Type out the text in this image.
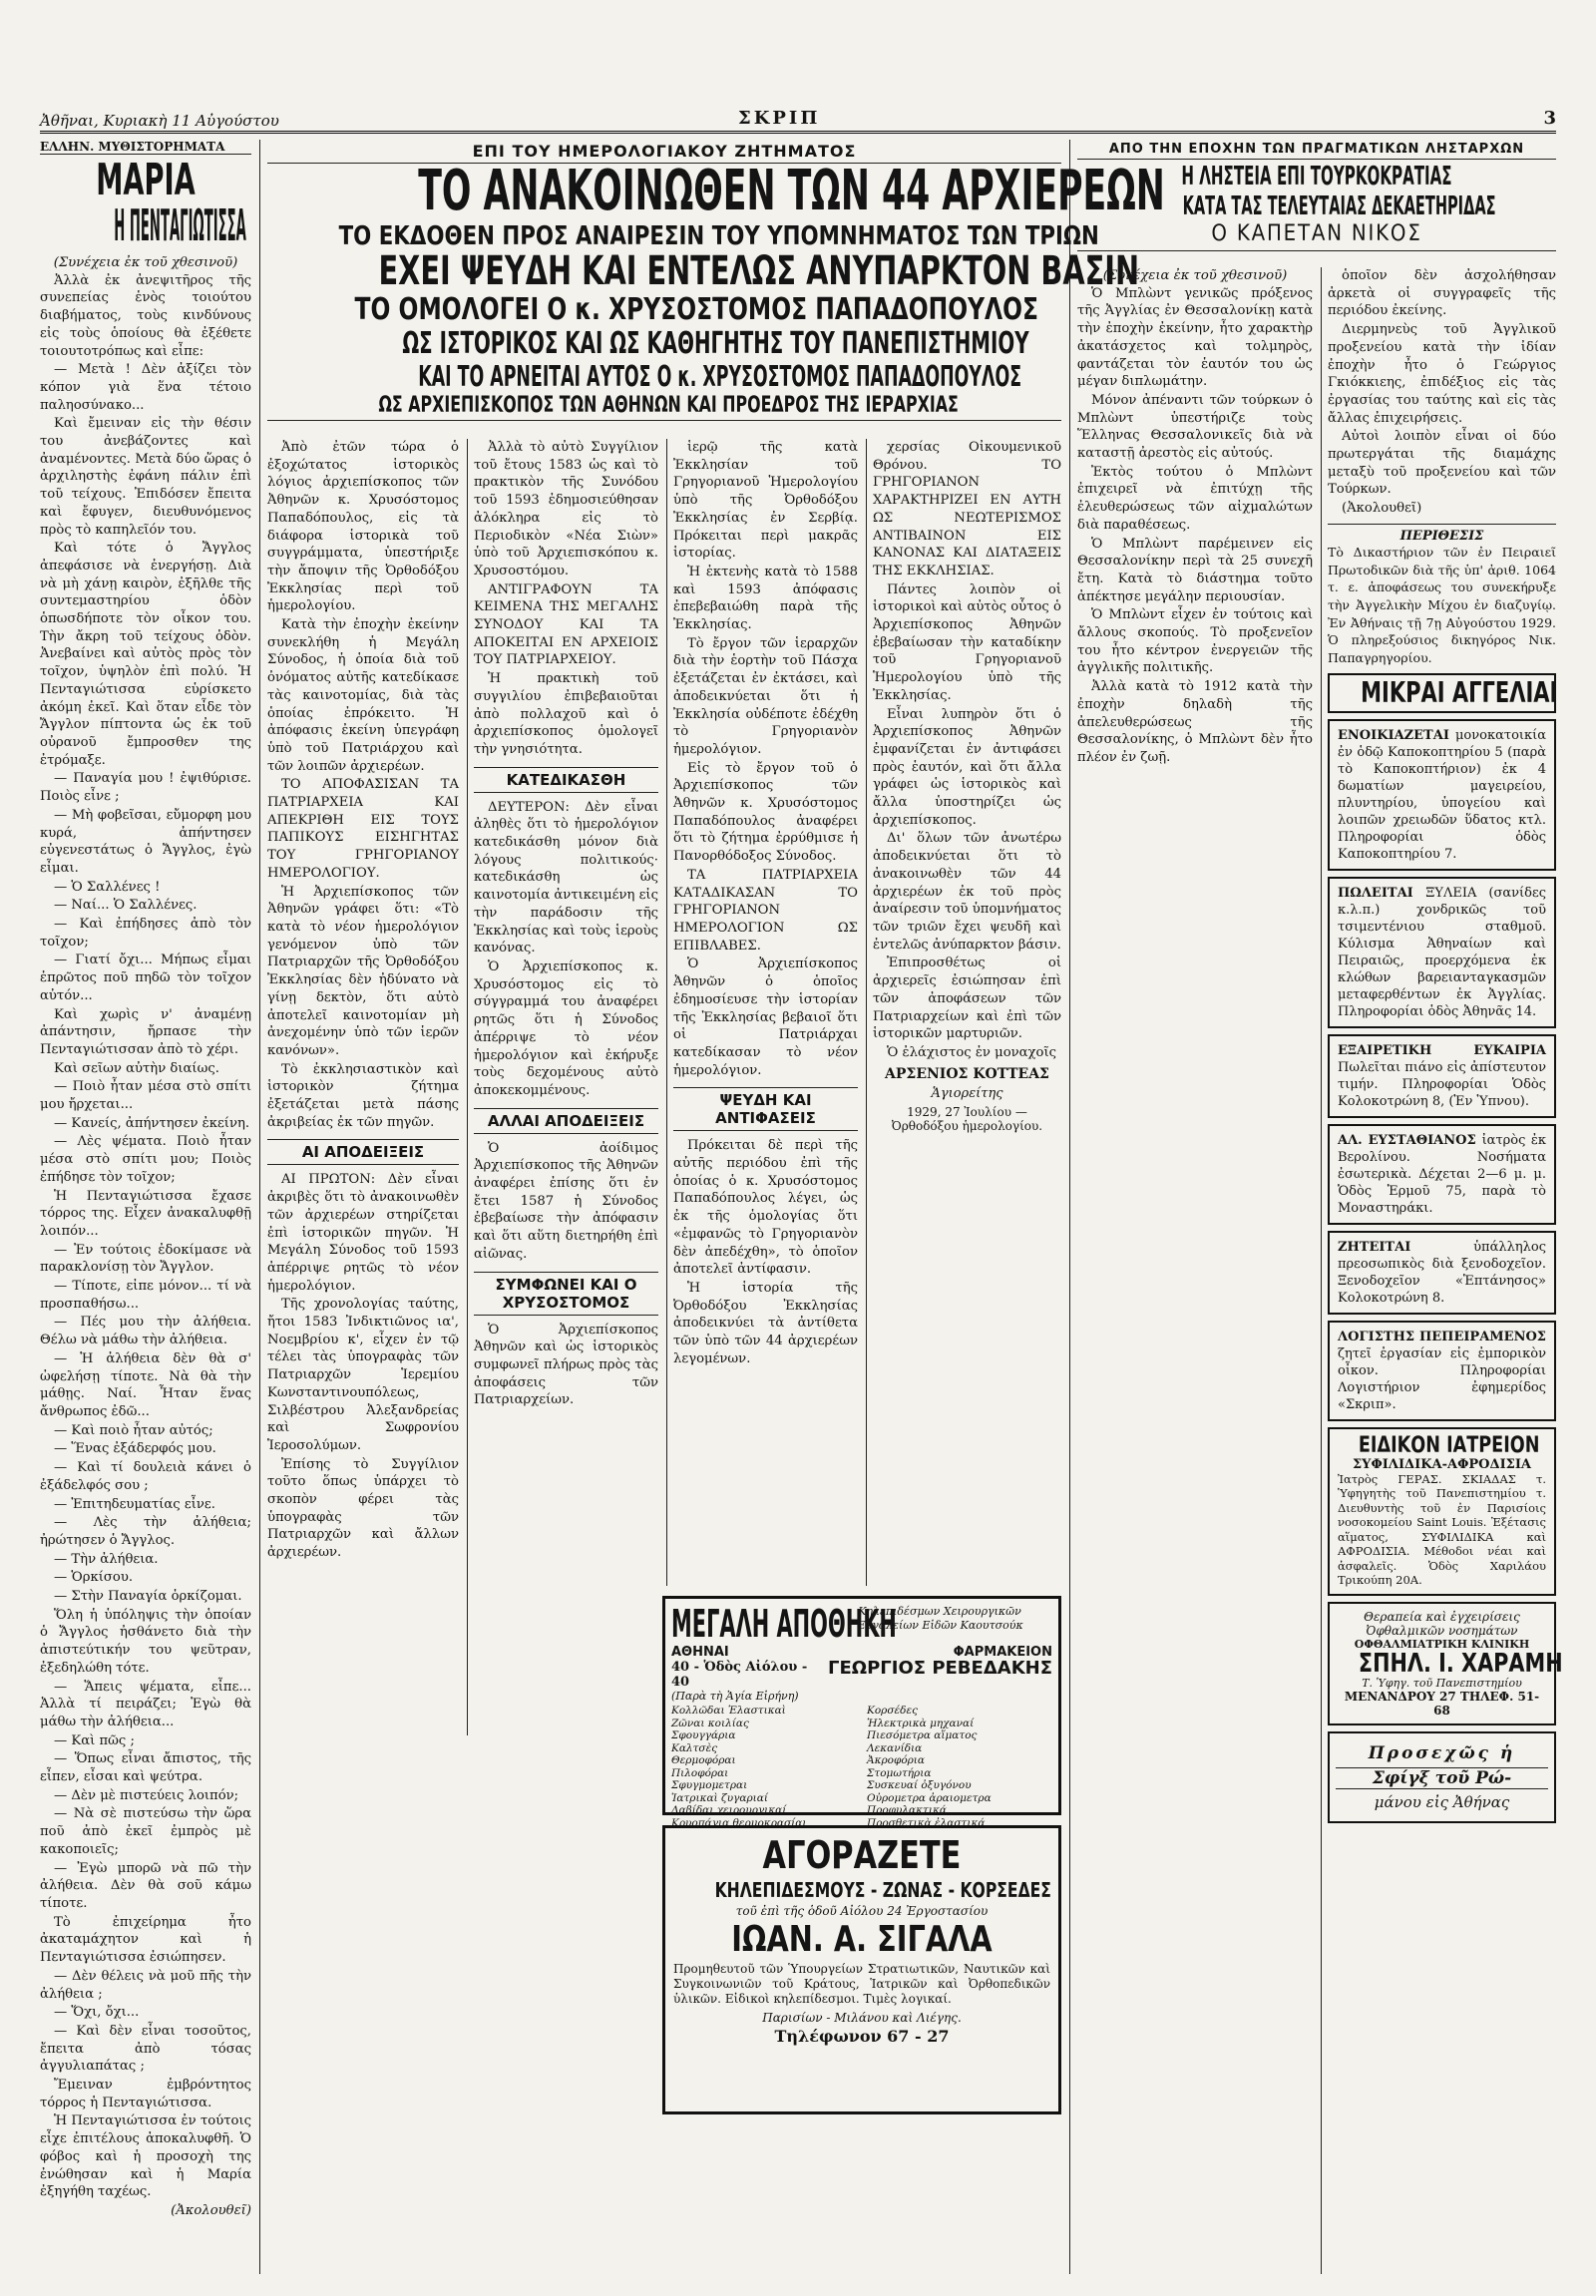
Ἀθῆναι, Κυριακὴ 11 Αὐγούστου	ΣΚΡΙΠ	3
ΕΛΛΗΝ. ΜΥΘΙΣΤΟΡΗΜΑΤΑ
ΜΑΡΙΑ
Η ΠΕΝΤΑΓΙΩΤΙΣΣΑ
(Συνέχεια ἐκ τοῦ χθεσινοῦ)

Ἀλλὰ ἐκ ἀνεψιτῆρος τῆς συνεπείας ἑνὸς τοιούτου διαβήματος, τοὺς κινδύνους εἰς τοὺς ὁποίους θὰ ἐξέθετε τοιουτοτρόπως καὶ εἶπε:

— Μετὰ ! Δὲν ἀξίζει τὸν κόπον γιὰ ἕνα τέτοιο παληοσύνακο...

Καὶ ἔμειναν εἰς τὴν θέσιν του ἀνεβάζοντες καὶ ἀναμένοντες. Μετὰ δύο ὥρας ὁ ἀρχιληστὴς ἐφάνη πάλιν ἐπὶ τοῦ τείχους. Ἐπιδόσεν ἔπειτα καὶ ἔφυγεν, διευθυνόμενος πρὸς τὸ καπηλεῖόν του.

Καὶ τότε ὁ Ἄγγλος ἀπεφάσισε νὰ ἐνεργήσῃ. Διὰ νὰ μὴ χάνῃ καιρὸν, ἐξῆλθε τῆς συντεμαστηρίου ὁδὸν ὁπωσδήποτε τὸν οἶκον του. Τὴν ἄκρη τοῦ τείχους ὁδὸν. Ἀνεβαίνει καὶ αὐτὸς πρὸς τὸν τοῖχον, ὑψηλὸν ἐπὶ πολύ. Ἡ Πενταγιώτισσα εὑρίσκετο ἀκόμη ἐκεῖ. Καὶ ὅταν εἶδε τὸν Ἄγγλον πίπτοντα ὡς ἐκ τοῦ οὐρανοῦ ἔμπροσθεν της ἐτρόμαξε.

— Παναγία μου ! ἐψιθύρισε. Ποιὸς εἶνε ;

— Μὴ φοβεῖσαι, εὔμορφη μου κυρά, ἀπήντησεν εὐγενεστάτως ὁ Ἄγγλος, ἐγὼ εἶμαι.

— Ὁ Σαλλένες !

— Ναί... Ὁ Σαλλένες.

— Καὶ ἐπήδησες ἀπὸ τὸν τοῖχον;

— Γιατί ὄχι... Μήπως εἶμαι ἐπρῶτος ποῦ πηδῶ τὸν τοῖχον αὐτόν...

Καὶ χωρὶς ν' ἀναμένῃ ἀπάντησιν, ἤρπασε τὴν Πενταγιώτισσαν ἀπὸ τὸ χέρι.

Καὶ σεῖων αὐτὴν διαίως.

— Ποιὸ ἦταν μέσα στὸ σπίτι μου ἤρχεται...

— Κανείς, ἀπήντησεν ἐκείνη.

— Λὲς ψέματα. Ποιὸ ἦταν μέσα στὸ σπίτι μου; Ποιὸς ἐπήδησε τὸν τοῖχον;

Ἡ Πενταγιώτισσα ἔχασε τόρρος της. Εἶχεν ἀνακαλυφθῇ λοιπόν...

— Ἐν τούτοις ἐδοκίμασε νὰ παρακλονίσῃ τὸν Ἄγγλον.

— Τίποτε, εἰπε μόνον... τί νὰ προσπαθήσω...

— Πές μου τὴν ἀλήθεια. Θέλω νὰ μάθω τὴν ἀλήθεια.

— Ἡ ἀλήθεια δὲν θὰ σ' ὠφελήσῃ τίποτε. Νὰ θὰ τὴν μάθῃς. Ναί. Ἦταν ἕνας ἄνθρωπος ἐδῶ...

— Καὶ ποιὸ ἦταν αὐτός;

— Ἕνας ἐξάδερφός μου.

— Καὶ τί δουλειὰ κάνει ὁ ἐξάδελφός σου ;

— Ἐπιτηδευματίας εἶνε.

— Λὲς τὴν ἀλήθεια; ἠρώτησεν ὁ Ἄγγλος.

— Τὴν ἀλήθεια.

— Ὁρκίσου.

— Στὴν Παναγία ὁρκίζομαι.

Ὅλη ἡ ὑπόληψις τὴν ὁποίαν ὁ Ἄγγλος ἠσθάνετο διὰ τὴν ἀπιστεύτικήν του ψεῦτραν, ἐξεδηλώθη τότε.

— Ἅπεις ψέματα, εἶπε... Ἀλλὰ τί πειράζει; Ἐγὼ θὰ μάθω τὴν ἀλήθεια...

— Καὶ πῶς ;

— Ὅπως εἶναι ἄπιστος, τῆς εἶπεν, εἶσαι καὶ ψεύτρα.

— Δὲν μὲ πιστεύεις λοιπόν;

— Νὰ σὲ πιστεύσω τὴν ὥρα ποῦ ἀπὸ ἐκεῖ ἐμπρὸς μὲ κακοποιεῖς;

— Ἐγὼ μπορῶ νὰ πῶ τὴν ἀλήθεια. Δὲν θὰ σοῦ κάμω τίποτε.

Τὸ ἐπιχείρημα ἦτο ἀκαταμάχητον καὶ ἡ Πενταγιώτισσα ἐσιώπησεν.

— Δὲν θέλεις νὰ μοῦ πῆς τὴν ἀλήθεια ;

— Ὅχι, ὄχι...

— Καὶ δὲν εἶναι τοσοῦτος, ἔπειτα ἀπὸ τόσας ἀγγυλιαπάτας ;

Ἔμειναν ἐμβρόντητος τόρρος ἡ Πενταγιώτισσα.

Ἡ Πενταγιώτισσα ἐν τούτοις εἶχε ἐπιτέλους ἀποκαλυφθῆ. Ὁ φόβος καὶ ἡ προσοχὴ της ἐνώθησαν καὶ ἡ Μαρία ἐξηγήθη ταχέως.

(Ἀκολουθεῖ)
ΕΠΙ ΤΟΥ ΗΜΕΡΟΛΟΓΙΑΚΟΥ ΖΗΤΗΜΑΤΟΣ
ΤΟ ΑΝΑΚΟΙΝΩΘΕΝ ΤΩΝ 44 ΑΡΧΙΕΡΕΩΝ
ΤΟ ΕΚΔΟΘΕΝ ΠΡΟΣ ΑΝΑΙΡΕΣΙΝ ΤΟΥ ΥΠΟΜΝΗΜΑΤΟΣ ΤΩΝ ΤΡΙΩΝ
ΕΧΕΙ ΨΕΥΔΗ ΚΑΙ ΕΝΤΕΛΩΣ ΑΝΥΠΑΡΚΤΟΝ ΒΑΣΙΝ
ΤΟ ΟΜΟΛΟΓΕΙ Ο κ. ΧΡΥΣΟΣΤΟΜΟΣ ΠΑΠΑΔΟΠΟΥΛΟΣ
ΩΣ ΙΣΤΟΡΙΚΟΣ ΚΑΙ ΩΣ ΚΑΘΗΓΗΤΗΣ ΤΟΥ ΠΑΝΕΠΙΣΤΗΜΙΟΥ
ΚΑΙ ΤΟ ΑΡΝΕΙΤΑΙ ΑΥΤΟΣ Ο κ. ΧΡΥΣΟΣΤΟΜΟΣ ΠΑΠΑΔΟΠΟΥΛΟΣ
ΩΣ ΑΡΧΙΕΠΙΣΚΟΠΟΣ ΤΩΝ ΑΘΗΝΩΝ ΚΑΙ ΠΡΟΕΔΡΟΣ ΤΗΣ ΙΕΡΑΡΧΙΑΣ

Ἀπὸ ἐτῶν τώρα ὁ ἐξοχώτατος ἱστορικὸς λόγιος ἀρχιεπίσκοπος τῶν Ἀθηνῶν κ. Χρυσόστομος Παπαδόπουλος, εἰς τὰ διάφορα ἱστορικὰ τοῦ συγγράμματα, ὑπεστήριξε τὴν ἄποψιν τῆς Ὀρθοδόξου Ἐκκλησίας περὶ τοῦ ἡμερολογίου.

Κατὰ τὴν ἐποχὴν ἐκείνην συνεκλήθη ἡ Μεγάλη Σύνοδος, ἡ ὁποία διὰ τοῦ ὀνόματος αὐτῆς κατεδίκασε τὰς καινοτομίας, διὰ τὰς ὁποίας ἐπρόκειτο. Ἡ ἀπόφασις ἐκείνη ὑπεγράφη ὑπὸ τοῦ Πατριάρχου καὶ τῶν λοιπῶν ἀρχιερέων.

ΤΟ ΑΠΟΦΑΣΙΣΑΝ ΤΑ ΠΑΤΡΙΑΡΧΕΙΑ ΚΑΙ ΑΠΕΚΡΙΘΗ ΕΙΣ ΤΟΥΣ ΠΑΠΙΚΟΥΣ ΕΙΣΗΓΗΤΑΣ ΤΟΥ ΓΡΗΓΟΡΙΑΝΟΥ ΗΜΕΡΟΛΟΓΙΟΥ.

Ἡ Ἀρχιεπίσκοπος τῶν Ἀθηνῶν γράφει ὅτι: «Τὸ κατὰ τὸ νέον ἡμερολόγιον γενόμενον ὑπὸ τῶν Πατριαρχῶν τῆς Ὀρθοδόξου Ἐκκλησίας δὲν ἠδύνατο νὰ γίνῃ δεκτὸν, ὅτι αὐτὸ ἀποτελεῖ καινοτομίαν μὴ ἀνεχομένην ὑπὸ τῶν ἱερῶν κανόνων».

Τὸ ἐκκλησιαστικὸν καὶ ἱστορικὸν ζήτημα ἐξετάζεται μετὰ πάσης ἀκριβείας ἐκ τῶν πηγῶν.

ΑΙ ΑΠΟΔΕΙΞΕΙΣ

ΑΙ ΠΡΩΤΟΝ: Δὲν εἶναι ἀκριβὲς ὅτι τὸ ἀνακοινωθὲν τῶν ἀρχιερέων στηρίζεται ἐπὶ ἱστορικῶν πηγῶν. Ἡ Μεγάλη Σύνοδος τοῦ 1593 ἀπέρριψε ρητῶς τὸ νέον ἡμερολόγιον.

Τῆς χρονολογίας ταύτης, ἤτοι 1583 Ἰνδικτιῶνος ια', Νοεμβρίου κ', εἶχεν ἐν τῷ τέλει τὰς ὑπογραφὰς τῶν Πατριαρχῶν Ἱερεμίου Κωνσταντινουπόλεως, Σιλβέστρου Ἀλεξανδρείας καὶ Σωφρονίου Ἱεροσολύμων.

Ἐπίσης τὸ Συγγίλιον τοῦτο ὅπως ὑπάρχει τὸ σκοπὸν φέρει τὰς ὑπογραφὰς τῶν Πατριαρχῶν καὶ ἄλλων ἀρχιερέων.

Ἀλλὰ τὸ αὐτὸ Συγγίλιον τοῦ ἔτους 1583 ὡς καὶ τὸ πρακτικὸν τῆς Συνόδου τοῦ 1593 ἐδημοσιεύθησαν ἀλόκληρα εἰς τὸ Περιοδικὸν «Νέα Σιὼν» ὑπὸ τοῦ Ἀρχιεπισκόπου κ. Χρυσοστόμου.

ΑΝΤΙΓΡΑΦΟΥΝ ΤΑ ΚΕΙΜΕΝΑ ΤΗΣ ΜΕΓΑΛΗΣ ΣΥΝΟΔΟΥ ΚΑΙ ΤΑ ΑΠΟΚΕΙΤΑΙ ΕΝ ΑΡΧΕΙΟΙΣ ΤΟΥ ΠΑΤΡΙΑΡΧΕΙΟΥ.

Ἡ πρακτικὴ τοῦ συγγιλίου ἐπιβεβαιοῦται ἀπὸ πολλαχοῦ καὶ ὁ ἀρχιεπίσκοπος ὁμολογεῖ τὴν γνησιότητα.

ΚΑΤΕΔΙΚΑΣΘΗ

ΔΕΥΤΕΡΟΝ: Δὲν εἶναι ἀληθὲς ὅτι τὸ ἡμερολόγιον κατεδικάσθη μόνον διὰ λόγους πολιτικούς· κατεδικάσθη ὡς καινοτομία ἀντικειμένη εἰς τὴν παράδοσιν τῆς Ἐκκλησίας καὶ τοὺς ἱεροὺς κανόνας.

Ὁ Ἀρχιεπίσκοπος κ. Χρυσόστομος εἰς τὸ σύγγραμμά του ἀναφέρει ρητῶς ὅτι ἡ Σύνοδος ἀπέρριψε τὸ νέον ἡμερολόγιον καὶ ἐκήρυξε τοὺς δεχομένους αὐτὸ ἀποκεκομμένους.

ΑΛΛΑΙ ΑΠΟΔΕΙΞΕΙΣ

Ὁ ἀοίδιμος Ἀρχιεπίσκοπος τῆς Ἀθηνῶν ἀναφέρει ἐπίσης ὅτι ἐν ἔτει 1587 ἡ Σύνοδος ἐβεβαίωσε τὴν ἀπόφασιν καὶ ὅτι αὕτη διετηρήθη ἐπὶ αἰῶνας.

ΣΥΜΦΩΝΕΙ ΚΑΙ Ο ΧΡΥΣΟΣΤΟΜΟΣ

Ὁ Ἀρχιεπίσκοπος Ἀθηνῶν καὶ ὡς ἱστορικὸς συμφωνεῖ πλήρως πρὸς τὰς ἀποφάσεις τῶν Πατριαρχείων.

ἱερῷ τῆς κατὰ Ἐκκλησίαν τοῦ Γρηγοριανοῦ Ἡμερολογίου ὑπὸ τῆς Ὀρθοδόξου Ἐκκλησίας ἐν Σερβίᾳ. Πρόκειται περὶ μακρᾶς ἱστορίας.

Ἡ ἐκτενὴς κατὰ τὸ 1588 καὶ 1593 ἀπόφασις ἐπεβεβαιώθη παρὰ τῆς Ἐκκλησίας.

Τὸ ἔργον τῶν ἱεραρχῶν διὰ τὴν ἑορτὴν τοῦ Πάσχα ἐξετάζεται ἐν ἐκτάσει, καὶ ἀποδεικνύεται ὅτι ἡ Ἐκκλησία οὐδέποτε ἐδέχθη τὸ Γρηγοριανὸν ἡμερολόγιον.

Εἰς τὸ ἔργον τοῦ ὁ Ἀρχιεπίσκοπος τῶν Ἀθηνῶν κ. Χρυσόστομος Παπαδόπουλος ἀναφέρει ὅτι τὸ ζήτημα ἐρρύθμισε ἡ Πανορθόδοξος Σύνοδος.

ΤΑ ΠΑΤΡΙΑΡΧΕΙΑ ΚΑΤΑΔΙΚΑΣΑΝ ΤΟ ΓΡΗΓΟΡΙΑΝΟΝ ΗΜΕΡΟΛΟΓΙΟΝ ΩΣ ΕΠΙΒΛΑΒΕΣ.

Ὁ Ἀρχιεπίσκοπος Ἀθηνῶν ὁ ὁποῖος ἐδημοσίευσε τὴν ἱστορίαν τῆς Ἐκκλησίας βεβαιοῖ ὅτι οἱ Πατριάρχαι κατεδίκασαν τὸ νέον ἡμερολόγιον.

ΨΕΥΔΗ ΚΑΙ ΑΝΤΙΦΑΣΕΙΣ

Πρόκειται δὲ περὶ τῆς αὐτῆς περιόδου ἐπὶ τῆς ὁποίας ὁ κ. Χρυσόστομος Παπαδόπουλος λέγει, ὡς ἐκ τῆς ὁμολογίας ὅτι «ἐμφανῶς τὸ Γρηγοριανὸν δὲν ἀπεδέχθη», τὸ ὁποῖον ἀποτελεῖ ἀντίφασιν.

Ἡ ἱστορία τῆς Ὀρθοδόξου Ἐκκλησίας ἀποδεικνύει τὰ ἀντίθετα τῶν ὑπὸ τῶν 44 ἀρχιερέων λεγομένων.

χερσίας Οἰκουμενικοῦ Θρόνου. ΤΟ ΓΡΗΓΟΡΙΑΝΟΝ ΧΑΡΑΚΤΗΡΙΖΕΙ ΕΝ ΑΥΤΗ ΩΣ ΝΕΩΤΕΡΙΣΜΟΣ ΑΝΤΙΒΑΙΝΟΝ ΕΙΣ ΚΑΝΟΝΑΣ ΚΑΙ ΔΙΑΤΑΞΕΙΣ ΤΗΣ ΕΚΚΛΗΣΙΑΣ.

Πάντες λοιπὸν οἱ ἱστορικοὶ καὶ αὐτὸς οὗτος ὁ Ἀρχιεπίσκοπος Ἀθηνῶν ἐβεβαίωσαν τὴν καταδίκην τοῦ Γρηγοριανοῦ Ἡμερολογίου ὑπὸ τῆς Ἐκκλησίας.

Εἶναι λυπηρὸν ὅτι ὁ Ἀρχιεπίσκοπος Ἀθηνῶν ἐμφανίζεται ἐν ἀντιφάσει πρὸς ἑαυτόν, καὶ ὅτι ἄλλα γράφει ὡς ἱστορικὸς καὶ ἄλλα ὑποστηρίζει ὡς ἀρχιεπίσκοπος.

Δι' ὅλων τῶν ἀνωτέρω ἀποδεικνύεται ὅτι τὸ ἀνακοινωθὲν τῶν 44 ἀρχιερέων ἐκ τοῦ πρὸς ἀναίρεσιν τοῦ ὑπομνήματος τῶν τριῶν ἔχει ψευδῆ καὶ ἐντελῶς ἀνύπαρκτον βάσιν.

Ἐπιπροσθέτως οἱ ἀρχιερεῖς ἐσιώπησαν ἐπὶ τῶν ἀποφάσεων τῶν Πατριαρχείων καὶ ἐπὶ τῶν ἱστορικῶν μαρτυριῶν.

Ὁ ἐλάχιστος ἐν μοναχοῖς

ΑΡΣΕΝΙΟΣ ΚΟΤΤΕΑΣ
Ἁγιορείτης
1929, 27 Ἰουλίου — Ὀρθοδόξου ἡμερολογίου.
ΜΕΓΑΛΗ ΑΠΟΘΗΚΗ
Κηλεπιδέσμων Χειρουργικῶν Ἐργαλείων Εἰδῶν Καουτσούκ
ΑΘΗΝΑΙ	ΦΑΡΜΑΚΕΙΟΝ
40 - Ὁδὸς Αἰόλου - 40
ΓΕΩΡΓΙΟΣ ΡΕΒΕΔΑΚΗΣ
(Παρὰ τὴ Ἁγία Εἰρήνη)
Κολλῶδαι Ἐλαστικαὶ
Ζῶναι κοιλίας
Σφουγγάρια
Καλτσὲς
Θερμοφόραι
Πιλοφόραι
Σφυγμομετραι
Ἱατρικαὶ ζυγαριαί
Λαβίδαι χειρουργικαί
Κρυοπάγια θερμοκρασίαι
Κορσέδες
Ἠλεκτρικὰ μηχαναί
Πιεσόμετρα αἵματος
Λεκανίδια
Ἀκροφόρια
Στομωτήρια
Συσκευαί ὀξυγόνου
Οὐρομετρα ἀραιομετρα
Προφυλακτικά
Προσθετικὰ ἐλαστικά
ΑΓΟΡΑΖΕΤΕ
ΚΗΛΕΠΙΔΕΣΜΟΥΣ - ΖΩΝΑΣ - ΚΟΡΣΕΔΕΣ
τοῦ ἐπὶ τῆς ὁδοῦ Αἰόλου 24 Ἐργοστασίου
ΙΩΑΝ. Α. ΣΙΓΑΛΑ
Προμηθευτοῦ τῶν Ὑπουργείων Στρατιωτικῶν, Ναυτικῶν καὶ Συγκοινωνιῶν τοῦ Κράτους, Ἱατρικῶν καὶ Ὀρθοπεδικῶν ὑλικῶν. Εἰδικοὶ κηλεπίδεσμοι. Τιμὲς λογικαί.
Παρισίων - Μιλάνου καὶ Λιέγης.
Τηλέφωνον 67 - 27
ΑΠΟ ΤΗΝ ΕΠΟΧΗΝ ΤΩΝ ΠΡΑΓΜΑΤΙΚΩΝ ΛΗΣΤΑΡΧΩΝ
Η ΛΗΣΤΕΙΑ ΕΠΙ ΤΟΥΡΚΟΚΡΑΤΙΑΣ
ΚΑΤΑ ΤΑΣ ΤΕΛΕΥΤΑΙΑΣ ΔΕΚΑΕΤΗΡΙΔΑΣ
Ο ΚΑΠΕΤΑΝ ΝΙΚΟΣ
(Συνέχεια ἐκ τοῦ χθεσινοῦ)

Ὁ Μπλὼντ γενικῶς πρόξενος τῆς Ἀγγλίας ἐν Θεσσαλονίκῃ κατὰ τὴν ἐποχὴν ἐκείνην, ἦτο χαρακτὴρ ἀκατάσχετος καὶ τολμηρὸς, φαντάζεται τὸν ἑαυτόν του ὡς μέγαν διπλωμάτην.

Μόνον ἀπέναντι τῶν τούρκων ὁ Μπλὼντ ὑπεστήριζε τοὺς Ἕλληνας Θεσσαλονικεῖς διὰ νὰ καταστῇ ἀρεστὸς εἰς αὐτούς.

Ἐκτὸς τούτου ὁ Μπλὼντ ἐπιχειρεῖ νὰ ἐπιτύχῃ τῆς ἐλευθερώσεως τῶν αἰχμαλώτων διὰ παραθέσεως.

Ὁ Μπλὼντ παρέμεινεν εἰς Θεσσαλονίκην περὶ τὰ 25 συνεχῆ ἔτη. Κατὰ τὸ διάστημα τοῦτο ἀπέκτησε μεγάλην περιουσίαν.

Ὁ Μπλὼντ εἶχεν ἐν τούτοις καὶ ἄλλους σκοπούς. Τὸ προξενεῖον του ἦτο κέντρον ἐνεργειῶν τῆς ἀγγλικῆς πολιτικῆς.

Ἀλλὰ κατὰ τὸ 1912 κατὰ τὴν ἐποχὴν δηλαδὴ τῆς ἀπελευθερώσεως τῆς Θεσσαλονίκης, ὁ Μπλὼντ δὲν ἦτο πλέον ἐν ζωῇ.

ὁποῖον δὲν ἀσχολήθησαν ἀρκετὰ οἱ συγγραφεῖς τῆς περιόδου ἐκείνης.

Διερμηνεὺς τοῦ Ἀγγλικοῦ προξενείου κατὰ τὴν ἰδίαν ἐποχὴν ἦτο ὁ Γεώργιος Γκιόκκιεης, ἐπιδέξιος εἰς τὰς ἐργασίας του ταύτης καὶ εἰς τὰς ἄλλας ἐπιχειρήσεις.

Αὐτοὶ λοιπὸν εἶναι οἱ δύο πρωτεργάται τῆς διαμάχης μεταξὺ τοῦ προξενείου καὶ τῶν Τούρκων.

(Ἀκολουθεῖ)

ΠΕΡΙΘΕΣΙΣ
Τὸ Δικαστήριον τῶν ἐν Πειραιεῖ Πρωτοδικῶν διὰ τῆς ὑπ' ἀριθ. 1064 τ. ε. ἀποφάσεως του συνεκήρυξε τὴν Ἀγγελικὴν Μίχου ἐν διαζυγίῳ. Ἐν Ἀθήναις τῇ 7ῃ Αὐγούστου 1929. Ὁ πληρεξούσιος δικηγόρος Νικ. Παπαγρηγορίου.
ΜΙΚΡΑΙ ΑΓΓΕΛΙΑΙ
ΕΝΟΙΚΙΑΖΕΤΑΙ μονοκατοικία ἐν ὁδῷ Καποκοπτηρίου 5 (παρὰ τὸ Καποκοπτήριον) ἐκ 4 δωματίων μαγειρείου, πλυντηρίου, ὑπογείου καὶ λοιπῶν χρειωδῶν ὕδατος κτλ. Πληροφορίαι ὁδὸς Καποκοπτηρίου 7.
ΠΩΛΕΙΤΑΙ ΞΥΛΕΙΑ (σανίδες κ.λ.π.) χονδρικῶς τοῦ τσιμεντένιου σταθμοῦ. Κύλισμα Ἀθηναίων καὶ Πειραιῶς, προερχόμενα ἐκ κλώθων βαρειανταγκασμῶν μεταφερθέντων ἐκ Ἀγγλίας. Πληροφορίαι ὁδὸς Ἀθηνᾶς 14.
ΕΞΑΙΡΕΤΙΚΗ ΕΥΚΑΙΡΙΑ Πωλεῖται πιάνο εἰς ἀπίστευτον τιμήν. Πληροφορίαι Ὁδὸς Κολοκοτρώνη 8, (Ἐν Ὑπνου).
ΑΛ. ΕΥΣΤΑΘΙΑΝΟΣ ἰατρὸς ἐκ Βερολίνου. Νοσήματα ἐσωτερικὰ. Δέχεται 2—6 μ. μ. Ὁδὸς Ἑρμοῦ 75, παρὰ τὸ Μοναστηράκι.
ΖΗΤΕΙΤΑΙ ὑπάλληλος πρεοσωπικὸς διὰ ξενοδοχεῖον. Ξενοδοχεῖον «Ἑπτάνησος» Κολοκοτρώνη 8.
ΛΟΓΙΣΤΗΣ ΠΕΠΕΙΡΑΜΕΝΟΣ ζητεῖ ἐργασίαν εἰς ἐμπορικὸν οἶκον. Πληροφορίαι Λογιστήριον ἐφημερίδος «Σκριπ».
ΕΙΔΙΚΟΝ ΙΑΤΡΕΙΟΝ
ΣΥΦΙΛΙΔΙΚΑ-ΑΦΡΟΔΙΣΙΑ
Ἰατρὸς ΓΕΡΑΣ. ΣΚΙΑΔΑΣ τ. Ὑφηγητὴς τοῦ Πανεπιστημίου τ. Διευθυντὴς τοῦ ἐν Παρισίοις νοσοκομείου Saint Louis. Ἐξέτασις αἵματος, ΣΥΦΙΛΙΔΙΚΑ καὶ ΑΦΡΟΔΙΣΙΑ. Μέθοδοι νέαι καὶ ἀσφαλεῖς. Ὁδὸς Χαριλάου Τρικούπη 20Α.
Θεραπεία καὶ ἐγχειρίσεις Ὀφθαλμικῶν νοσημάτων
ΟΦΘΑΛΜΙΑΤΡΙΚΗ ΚΛΙΝΙΚΗ
ΣΠΗΛ. Ι. ΧΑΡΑΜΗ
Τ. Ὑφηγ. τοῦ Πανεπιστημίου
ΜΕΝΑΝΔΡΟΥ 27 ΤΗΛΕΦ. 51-68
Προσεχῶς ἡ
Σφίγξ τοῦ Ρώ-
μάνου εἰς Ἀθήνας
